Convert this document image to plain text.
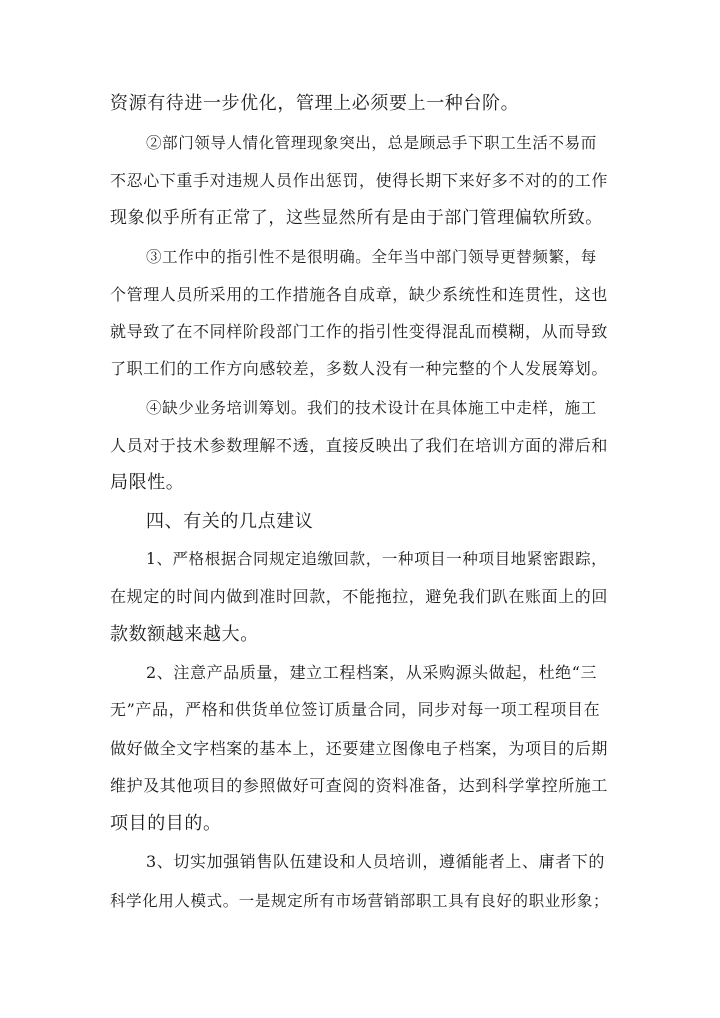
资源有待进一步优化，管理上必须要上一种台阶。
②部门领导人情化管理现象突出，总是顾忌手下职工生活不易而
不忍心下重手对违规人员作出惩罚，使得长期下来好多不对的的工作
现象似乎所有正常了，这些显然所有是由于部门管理偏软所致。
③工作中的指引性不是很明确。全年当中部门领导更替频繁，每
个管理人员所采用的工作措施各自成章，缺少系统性和连贯性，这也
就导致了在不同样阶段部门工作的指引性变得混乱而模糊，从而导致
了职工们的工作方向感较差，多数人没有一种完整的个人发展筹划。
④缺少业务培训筹划。我们的技术设计在具体施工中走样，施工
人员对于技术参数理解不透，直接反映出了我们在培训方面的滞后和
局限性。
四、有关的几点建议
1、严格根据合同规定追缴回款，一种项目一种项目地紧密跟踪，
在规定的时间内做到准时回款，不能拖拉，避免我们趴在账面上的回
款数额越来越大。
2、注意产品质量，建立工程档案，从采购源头做起，杜绝“三
无”产品，严格和供货单位签订质量合同，同步对每一项工程项目在
做好做全文字档案的基本上，还要建立图像电子档案，为项目的后期
维护及其他项目的参照做好可查阅的资料准备，达到科学掌控所施工
项目的目的。
3、切实加强销售队伍建设和人员培训，遵循能者上、庸者下的
科学化用人模式。一是规定所有市场营销部职工具有良好的职业形象；
